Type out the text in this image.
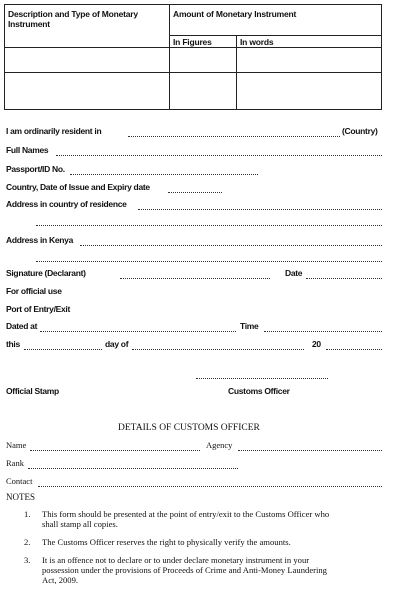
Description and Type of Monetary Instrument
Amount of Monetary Instrument
In Figures	In words
I am ordinarily resident in	(Country)
Full Names
Passport/ID No.
Country, Date of Issue and Expiry date
Address in country of residence
Address in Kenya
Signature (Declarant)	Date
For official use
Port of Entry/Exit
Dated at	Time
this	day of	20
Official Stamp	Customs Officer
DETAILS OF CUSTOMS OFFICER
Name	Agency
Rank
Contact
NOTES
1. This form should be presented at the point of entry/exit to the Customs Officer who
shall stamp all copies.
2. The Customs Officer reserves the right to physically verify the amounts.
3. It is an offence not to declare or to under declare monetary instrument in your
possession under the provisions of Proceeds of Crime and Anti-Money Laundering
Act, 2009.
